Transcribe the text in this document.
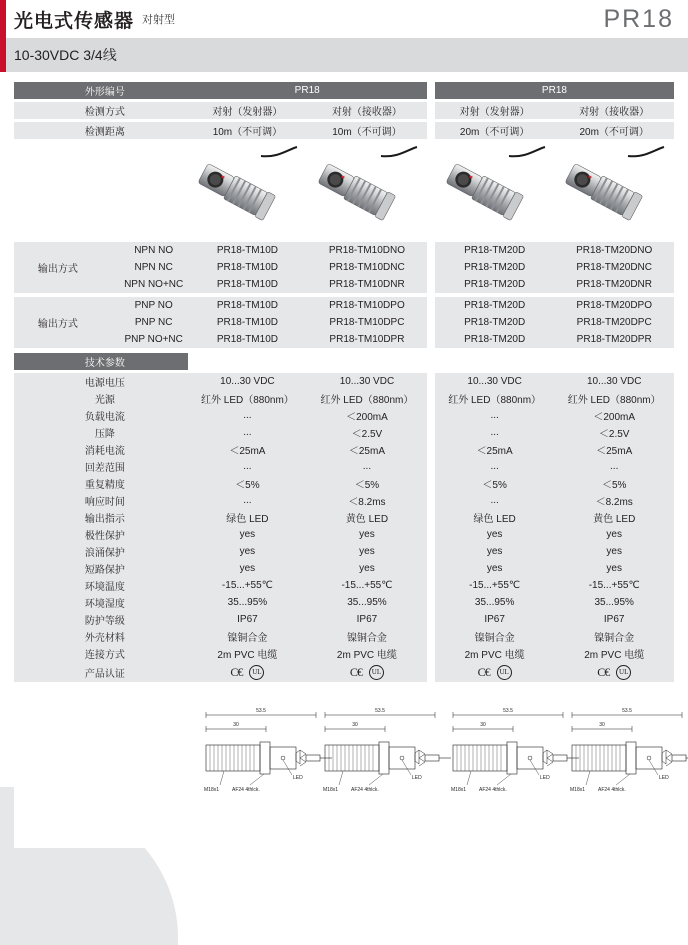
光电式传感器 对射型	PR18
10-30VDC 3/4线
外形编号		PR18			PR18	

检测方式		对射（发射器）	对射（接收器）		对射（发射器）	对射（接收器）

检测距离		10m（不可调）	10m（不可调）		20m（不可调）	20m（不可调）

输出方式	NPN NO	PR18-TM10D	PR18-TM10DNO		PR18-TM20D	PR18-TM20DNO
	NPN NC	PR18-TM10D	PR18-TM10DNC		PR18-TM20D	PR18-TM20DNC
	NPN NO+NC	PR18-TM10D	PR18-TM10DNR		PR18-TM20D	PR18-TM20DNR

输出方式	PNP NO	PR18-TM10D	PR18-TM10DPO		PR18-TM20D	PR18-TM20DPO
	PNP NC	PR18-TM10D	PR18-TM10DPC		PR18-TM20D	PR18-TM20DPC
	PNP NO+NC	PR18-TM10D	PR18-TM10DPR		PR18-TM20D	PR18-TM20DPR

技术参数						

电源电压		10...30 VDC	10...30 VDC		10...30 VDC	10...30 VDC
光源		红外 LED（880nm）	红外 LED（880nm）		红外 LED（880nm）	红外 LED（880nm）
负载电流		...	＜200mA		...	＜200mA
压降		...	＜2.5V		...	＜2.5V
消耗电流		＜25mA	＜25mA		＜25mA	＜25mA
回差范围		...	...		...	...
重复精度		＜5%	＜5%		＜5%	＜5%
响应时间		...	＜8.2ms		...	＜8.2ms
输出指示		绿色 LED	黄色 LED		绿色 LED	黄色 LED
极性保护		yes	yes		yes	yes
浪涌保护		yes	yes		yes	yes
短路保护		yes	yes		yes	yes
环境温度		-15...+55℃	-15...+55℃		-15...+55℃	-15...+55℃
环境湿度		35...95%	35...95%		35...95%	35...95%
防护等级		IP67	IP67		IP67	IP67
外壳材料		镍铜合金	镍铜合金		镍铜合金	镍铜合金
连接方式		2m PVC 电缆	2m PVC 电缆		2m PVC 电缆	2m PVC 电缆
产品认证		C€ UL	C€ UL		C€ UL	C€ UL

53.5
30
LED
M18x1 AF24 4thlck.	53.5
30
LED
M18x1 AF24 4thlck.		53.5
30
LED
M18x1 AF24 4thlck.	53.5
30
LED
M18x1 AF24 4thlck.
